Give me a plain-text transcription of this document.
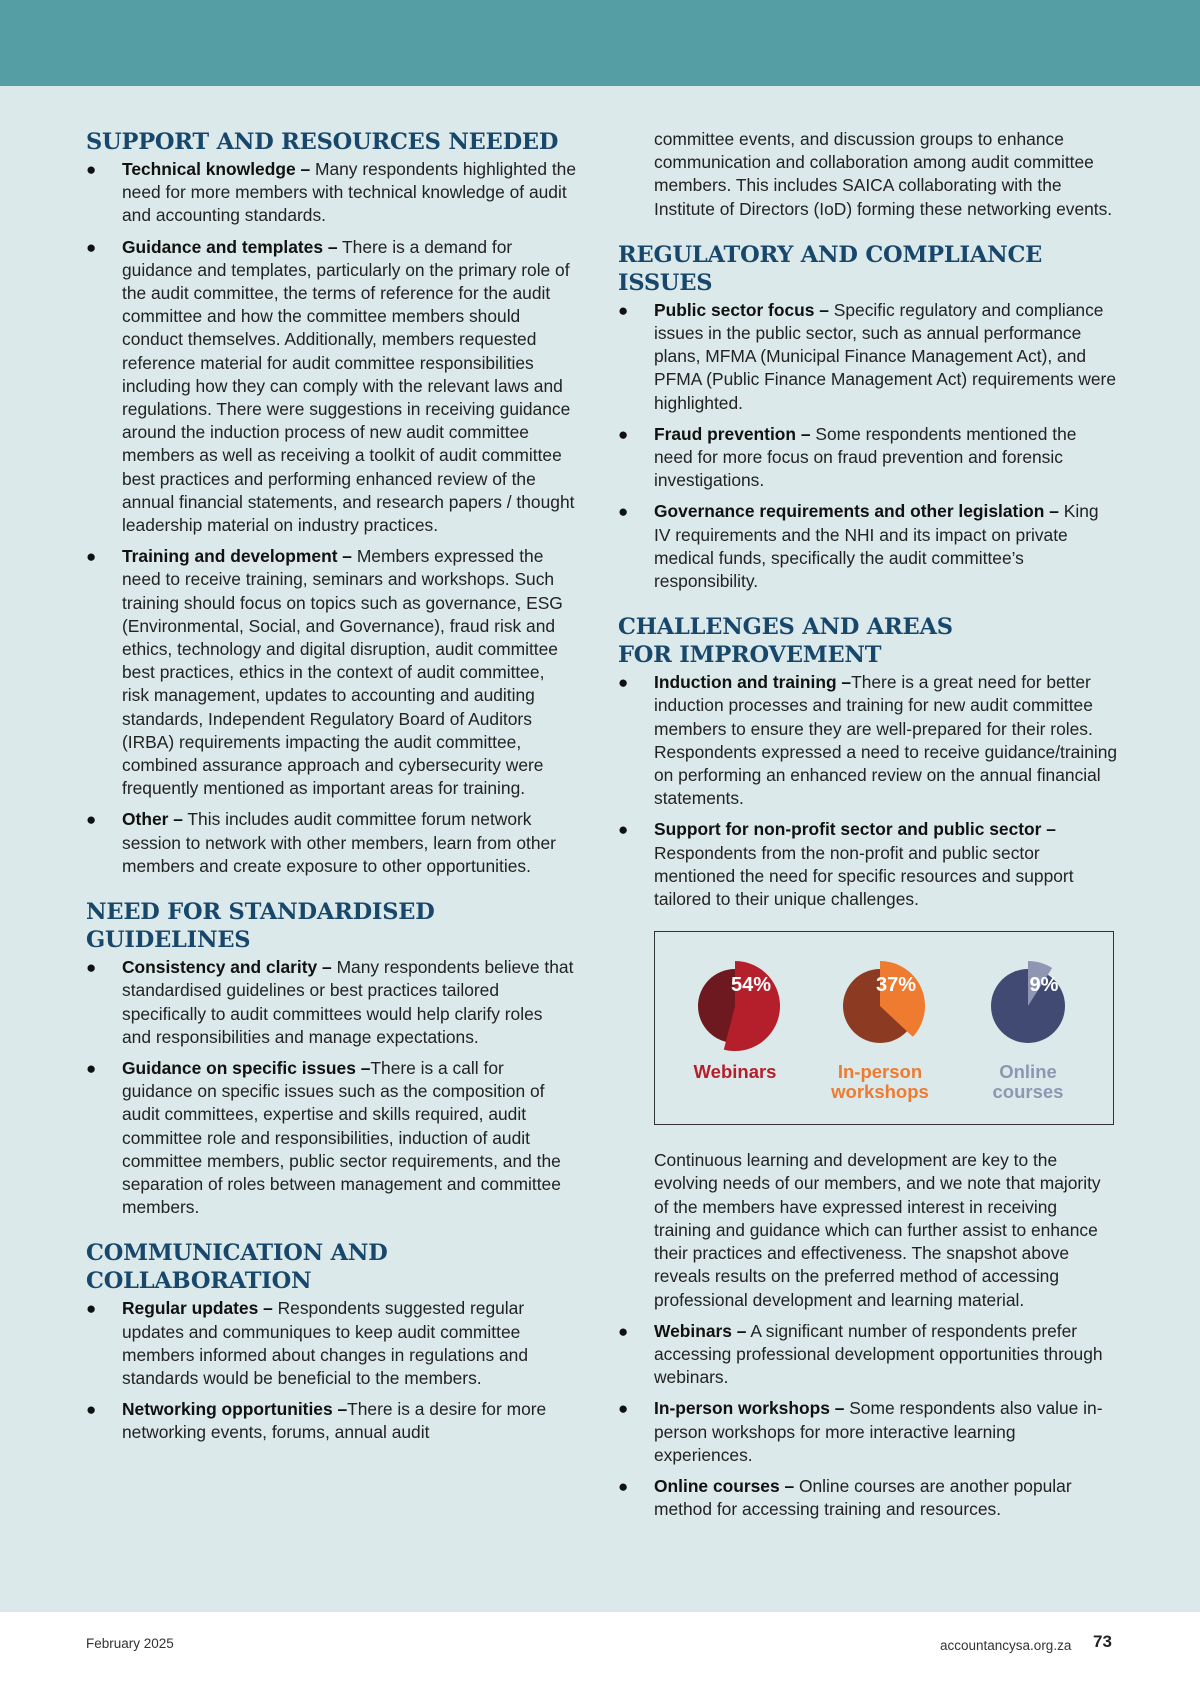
SUPPORT AND RESOURCES NEEDED
● Technical knowledge – Many respondents highlighted the need for more members with technical knowledge of audit and accounting standards.
● Guidance and templates – There is a demand for guidance and templates, particularly on the primary role of the audit committee, the terms of reference for the audit committee and how the committee members should conduct themselves. Additionally, members requested reference material for audit committee responsibilities including how they can comply with the relevant laws and regulations. There were suggestions in receiving guidance around the induction process of new audit committee members as well as receiving a toolkit of audit committee best practices and performing enhanced review of the annual financial statements, and research papers / thought leadership material on industry practices.
● Training and development – Members expressed the need to receive training, seminars and workshops. Such training should focus on topics such as governance, ESG (Environmental, Social, and Governance), fraud risk and ethics, technology and digital disruption, audit committee best practices, ethics in the context of audit committee, risk management, updates to accounting and auditing standards, Independent Regulatory Board of Auditors (IRBA) requirements impacting the audit committee, combined assurance approach and cybersecurity were frequently mentioned as important areas for training.
● Other – This includes audit committee forum network session to network with other members, learn from other members and create exposure to other opportunities.
NEED FOR STANDARDISED GUIDELINES
● Consistency and clarity – Many respondents believe that standardised guidelines or best practices tailored specifically to audit committees would help clarify roles and responsibilities and manage expectations.
● Guidance on specific issues –There is a call for guidance on specific issues such as the composition of audit committees, expertise and skills required, audit committee role and responsibilities, induction of audit committee members, public sector requirements, and the separation of roles between management and committee members.
COMMUNICATION AND COLLABORATION
● Regular updates – Respondents suggested regular updates and communiques to keep audit committee members informed about changes in regulations and standards would be beneficial to the members.
● Networking opportunities –There is a desire for more networking events, forums, annual audit

committee events, and discussion groups to enhance communication and collaboration among audit committee members. This includes SAICA collaborating with the Institute of Directors (IoD) forming these networking events.

REGULATORY AND COMPLIANCE ISSUES
● Public sector focus – Specific regulatory and compliance issues in the public sector, such as annual performance plans, MFMA (Municipal Finance Management Act), and PFMA (Public Finance Management Act) requirements were highlighted.
● Fraud prevention – Some respondents mentioned the need for more focus on fraud prevention and forensic investigations.
● Governance requirements and other legislation – King IV requirements and the NHI and its impact on private medical funds, specifically the audit committee’s responsibility.
CHALLENGES AND AREAS
FOR IMPROVEMENT
● Induction and training –There is a great need for better induction processes and training for new audit committee members to ensure they are well-prepared for their roles. Respondents expressed a need to receive guidance/training on performing an enhanced review on the annual financial statements.
● Support for non-profit sector and public sector – Respondents from the non-profit and public sector mentioned the need for specific resources and support tailored to their unique challenges.
54%	37%	9%
Webinars	In-person
workshops
Online
courses

Continuous learning and development are key to the evolving needs of our members, and we note that majority of the members have expressed interest in receiving training and guidance which can further assist to enhance their practices and effectiveness. The snapshot above reveals results on the preferred method of accessing professional development and learning material.

● Webinars – A significant number of respondents prefer accessing professional development opportunities through webinars.
● In-person workshops – Some respondents also value in-person workshops for more interactive learning experiences.
● Online courses – Online courses are another popular method for accessing training and resources.
February 2025	accountancysa.org.za 73
